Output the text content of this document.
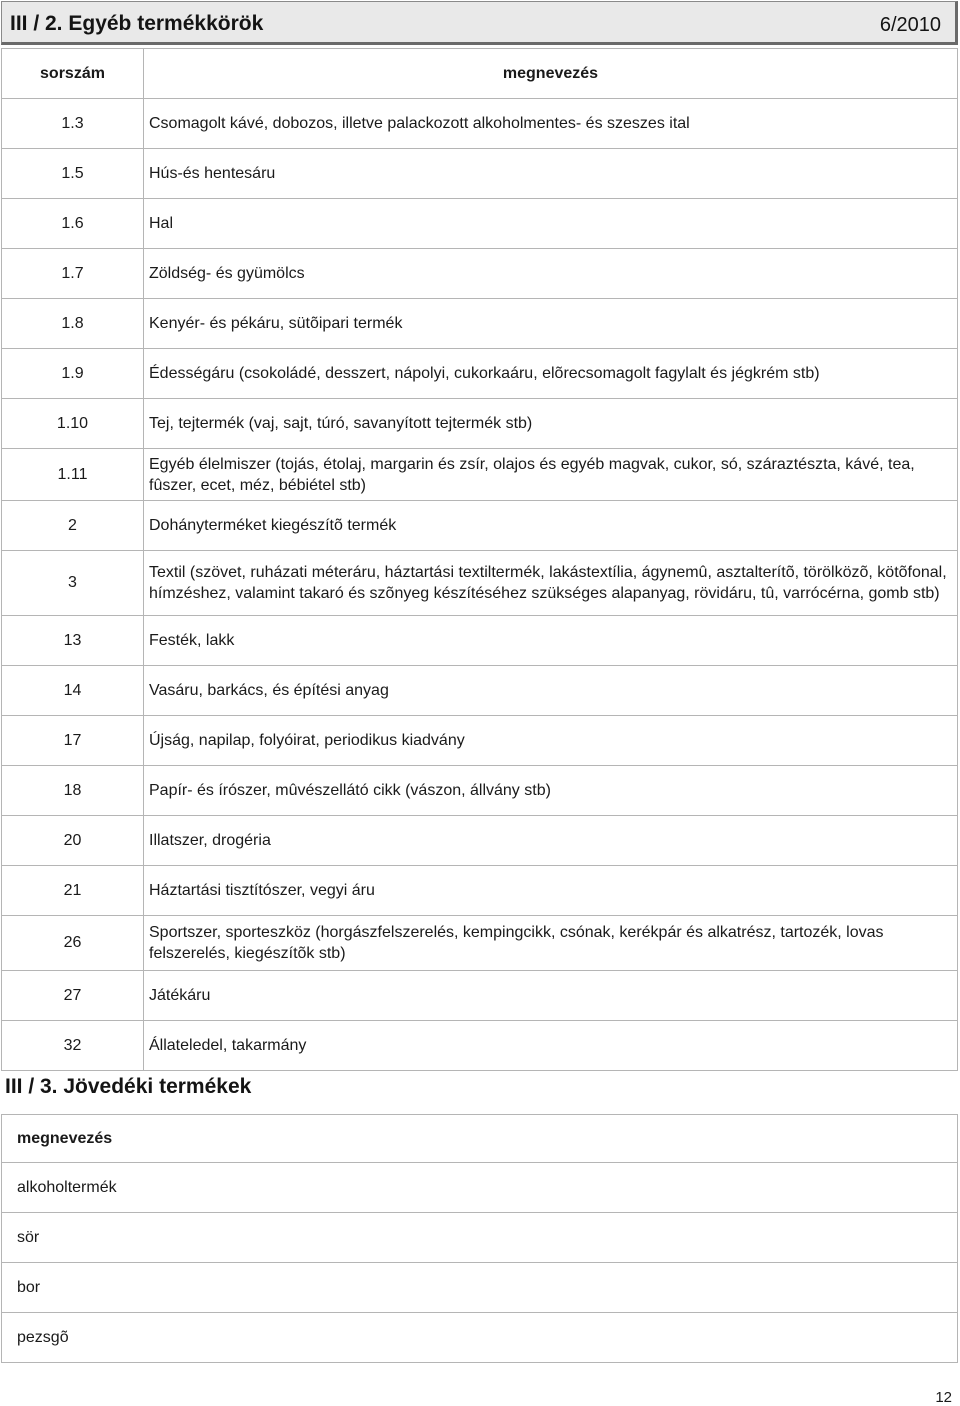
III / 2. Egyéb termékkörök	6/2010
sorszám	megnevezés
1.3	Csomagolt kávé, dobozos, illetve palackozott alkoholmentes- és szeszes ital
1.5	Hús-és hentesáru
1.6	Hal
1.7	Zöldség- és gyümölcs
1.8	Kenyér- és pékáru, sütõipari termék
1.9	Édességáru (csokoládé, desszert, nápolyi, cukorkaáru, elõrecsomagolt fagylalt és jégkrém stb)
1.10	Tej, tejtermék (vaj, sajt, túró, savanyított tejtermék stb)
1.11	Egyéb élelmiszer (tojás, étolaj, margarin és zsír, olajos és egyéb magvak, cukor, só, száraztészta, kávé, tea, fûszer, ecet, méz, bébiétel stb)
2	Dohányterméket kiegészítõ termék
3	Textil (szövet, ruházati méteráru, háztartási textiltermék, lakástextília, ágynemû, asztalterítõ, törölközõ, kötõfonal, hímzéshez, valamint takaró és szõnyeg készítéséhez szükséges alapanyag, rövidáru, tû, varrócérna, gomb stb)
13	Festék, lakk
14	Vasáru, barkács, és építési anyag
17	Újság, napilap, folyóirat, periodikus kiadvány
18	Papír- és írószer, mûvészellátó cikk (vászon, állvány stb)
20	Illatszer, drogéria
21	Háztartási tisztítószer, vegyi áru
26	Sportszer, sporteszköz (horgászfelszerelés, kempingcikk, csónak, kerékpár és alkatrész, tartozék, lovas felszerelés, kiegészítõk stb)
27	Játékáru
32	Állateledel, takarmány
III / 3. Jövedéki termékek
megnevezés
alkoholtermék
sör
bor
pezsgõ
12
